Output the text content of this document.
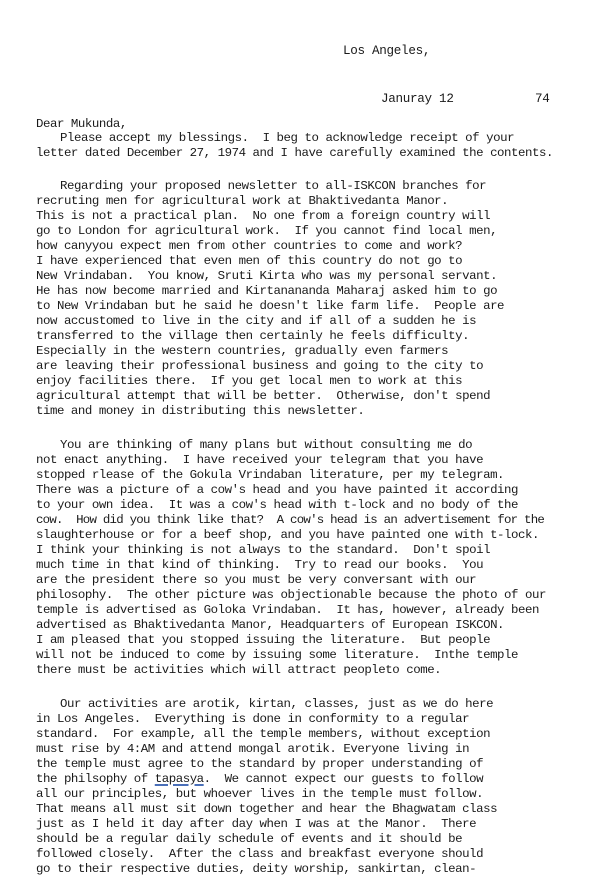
Los Angeles,
Januray 12	74
Dear Mukunda,
Please accept my blessings.  I beg to acknowledge receipt of your
letter dated December 27, 1974 and I have carefully examined the contents.
Regarding your proposed newsletter to all-ISKCON branches for
recruting men for agricultural work at Bhaktivedanta Manor.
This is not a practical plan.  No one from a foreign country will
go to London for agricultural work.  If you cannot find local men,
how canyyou expect men from other countries to come and work?
I have experienced that even men of this country do not go to
New Vrindaban.  You know, Sruti Kirta who was my personal servant.
He has now become married and Kirtanananda Maharaj asked him to go
to New Vrindaban but he said he doesn't like farm life.  People are
now accustomed to live in the city and if all of a sudden he is
transferred to the village then certainly he feels difficulty.
Especially in the western countries, gradually even farmers
are leaving their professional business and going to the city to
enjoy facilities there.  If you get local men to work at this
agricultural attempt that will be better.  Otherwise, don't spend
time and money in distributing this newsletter.
You are thinking of many plans but without consulting me do
not enact anything.  I have received your telegram that you have
stopped rlease of the Gokula Vrindaban literature, per my telegram.
There was a picture of a cow's head and you have painted it according
to your own idea.  It was a cow's head with t-lock and no body of the
cow.  How did you think like that?  A cow's head is an advertisement for the
slaughterhouse or for a beef shop, and you have painted one with t-lock.
I think your thinking is not always to the standard.  Don't spoil
much time in that kind of thinking.  Try to read our books.  You
are the president there so you must be very conversant with our
philosophy.  The other picture was objectionable because the photo of our
temple is advertised as Goloka Vrindaban.  It has, however, already been
advertised as Bhaktivedanta Manor, Headquarters of European ISKCON.
I am pleased that you stopped issuing the literature.  But people
will not be induced to come by issuing some literature.  Inthe temple
there must be activities which will attract peopleto come.
Our activities are arotik, kirtan, classes, just as we do here
in Los Angeles.  Everything is done in conformity to a regular
standard.  For example, all the temple members, without exception
must rise by 4:AM and attend mongal arotik. Everyone living in
the temple must agree to the standard by proper understanding of
the philsophy of tapasya.  We cannot expect our guests to follow
all our principles, but whoever lives in the temple must follow.
That means all must sit down together and hear the Bhagwatam class
just as I held it day after day when I was at the Manor.  There
should be a regular daily schedule of events and it should be
followed closely.  After the class and breakfast everyone should
go to their respective duties, deity worship, sankirtan, clean-
